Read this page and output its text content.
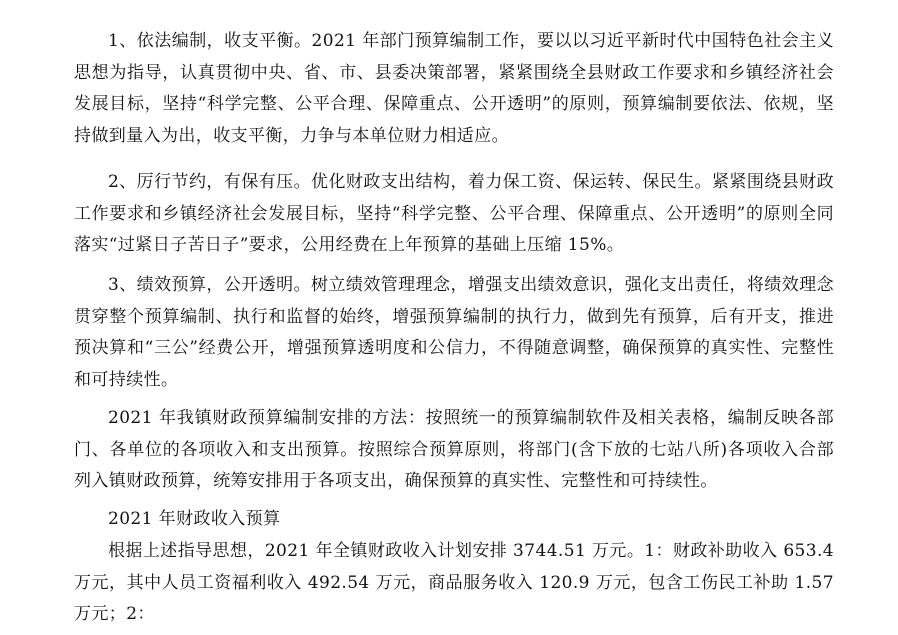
1、依法编制，收支平衡。2021 年部门预算编制工作，要以以习近平新时代中国特色社会主义思想为指导，认真贯彻中央、省、市、县委决策部署，紧紧围绕全县财政工作要求和乡镇经济社会发展目标，坚持“科学完整、公平合理、保障重点、公开透明”的原则，预算编制要依法、依规，坚持做到量入为出，收支平衡，力争与本单位财力相适应。

2、厉行节约，有保有压。优化财政支出结构，着力保工资、保运转、保民生。紧紧围绕县财政工作要求和乡镇经济社会发展目标，坚持“科学完整、公平合理、保障重点、公开透明”的原则全同落实“过紧日子苦日子”要求，公用经费在上年预算的基础上压缩 15%。

3、绩效预算，公开透明。树立绩效管理理念，增强支出绩效意识，强化支出责任，将绩效理念贯穿整个预算编制、执行和监督的始终，增强预算编制的执行力，做到先有预算，后有开支，推进预决算和“三公”经费公开，增强预算透明度和公信力，不得随意调整，确保预算的真实性、完整性和可持续性。

2021 年我镇财政预算编制安排的方法：按照统一的预算编制软件及相关表格，编制反映各部门、各单位的各项收入和支出预算。按照综合预算原则，将部门(含下放的七站八所)各项收入合部列入镇财政预算，统筹安排用于各项支出，确保预算的真实性、完整性和可持续性。

2021 年财政收入预算

根据上述指导思想，2021 年全镇财政收入计划安排 3744.51 万元。1：财政补助收入 653.4 万元，其中人员工资福利收入 492.54 万元，商品服务收入 120.9 万元，包含工伤民工补助 1.57 万元；2：
